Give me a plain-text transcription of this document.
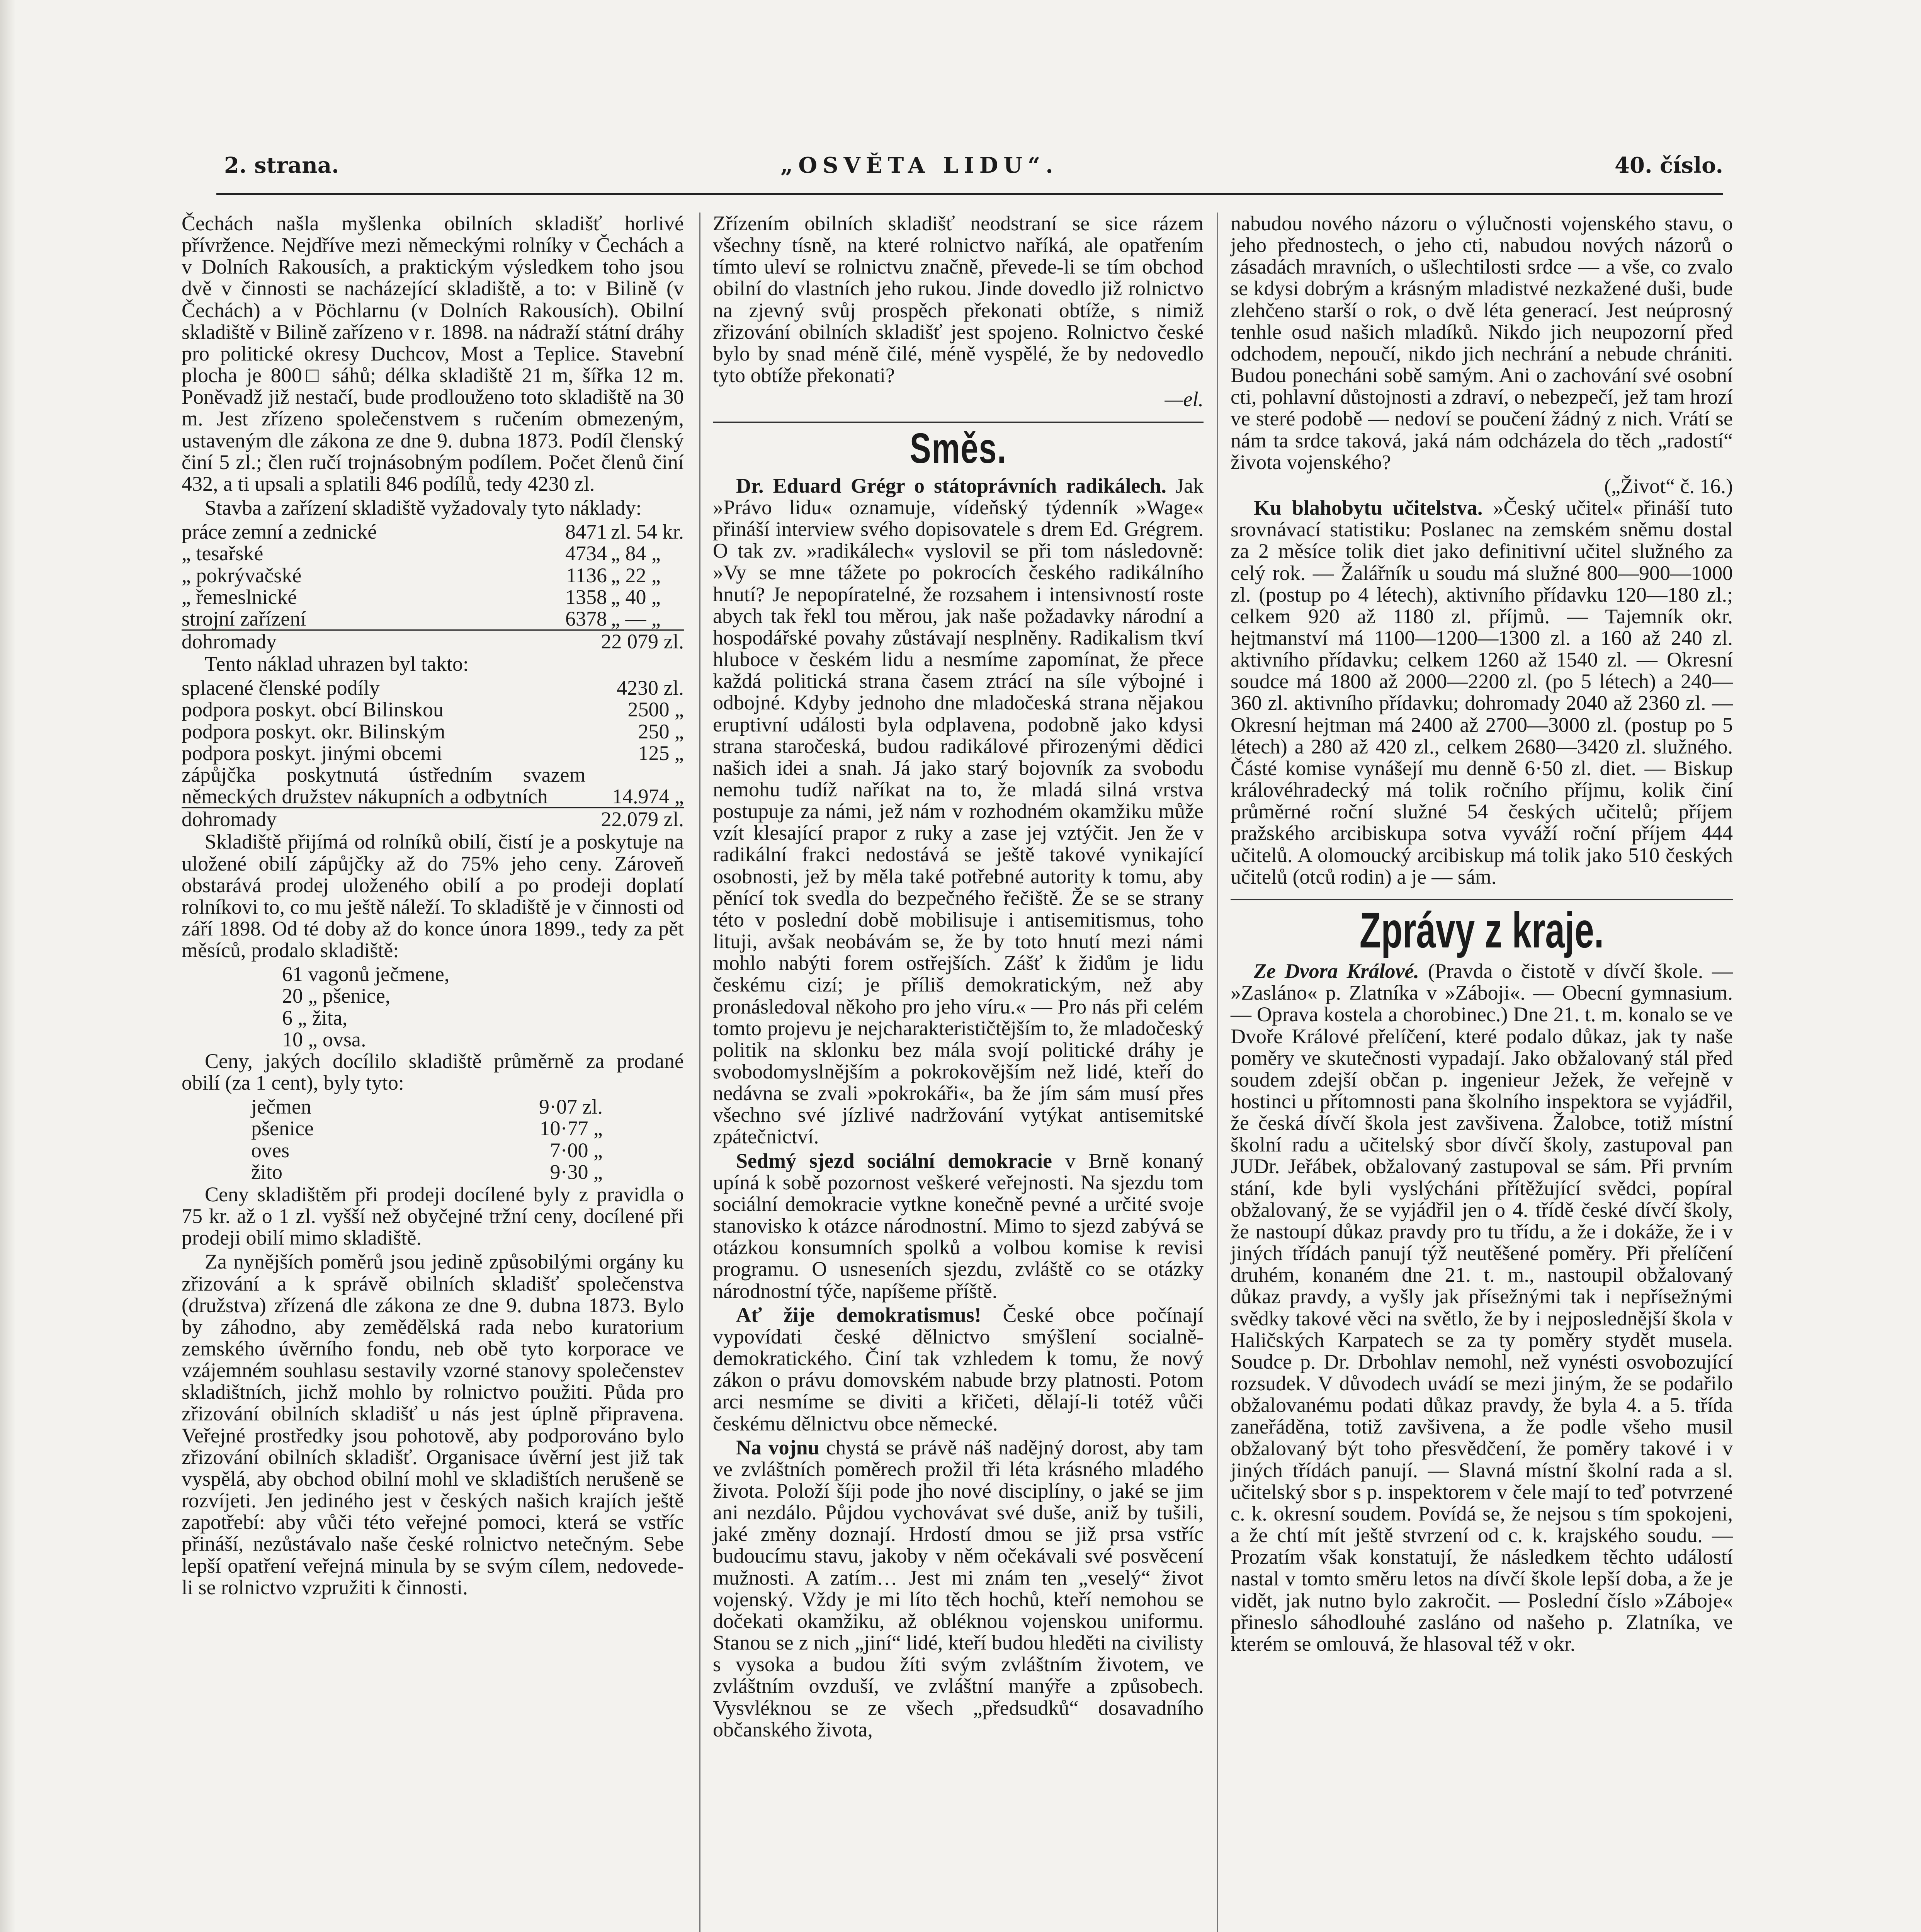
2. strana.	„OSVĚTA LIDU“.	40. číslo.

Čechách našla myšlenka obilních skladišť horlivé přívržence. Nejdříve mezi německými rolníky v Čechách a v Dolních Rakousích, a praktickým výsledkem toho jsou dvě v činnosti se nacházející skladiště, a to: v Bilině (v Čechách) a v Pöchlarnu (v Dolních Rakousích). Obilní skladiště v Bilině zařízeno v r. 1898. na nádraží státní dráhy pro politické okresy Duchcov, Most a Teplice. Stavební plocha je 800□ sáhů; délka skladiště 21 m, šířka 12 m. Poněvadž již nestačí, bude prodlouženo toto skladiště na 30 m. Jest zřízeno společenstvem s ručením obmezeným, ustaveným dle zákona ze dne 9. dubna 1873. Podíl členský činí 5 zl.; člen ručí trojnásobným podílem. Počet členů činí 432, a ti upsali a splatili 846 podílů, tedy 4230 zl.

Stavba a zařízení skladiště vyžadovaly tyto náklady:

práce zemní a zednické	8471	zl. 54 kr.
„ tesařské	4734	„ 84 „
„ pokrývačské	1136	„ 22 „
„ řemeslnické	1358	„ 40 „
strojní zařízení	6378	„ — „
dohromady	22 079 zl.	

Tento náklad uhrazen byl takto:

splacené členské podíly	4230 zl.
podpora poskyt. obcí Bilinskou	2500 „
podpora poskyt. okr. Bilinským	250 „
podpora poskyt. jinými obcemi	125 „
zápůjčka poskytnutá ústředním svazem německých družstev nákupních a odbytních	14.974 „
dohromady	22.079 zl.

Skladiště přijímá od rolníků obilí, čistí je a poskytuje na uložené obilí zápůjčky až do 75% jeho ceny. Zároveň obstarává prodej uloženého obilí a po prodeji doplatí rolníkovi to, co mu ještě náleží. To skladiště je v činnosti od září 1898. Od té doby až do konce února 1899., tedy za pět měsíců, prodalo skladiště:

61 vagonů ječmene,
20 „ pšenice,
6 „ žita,
10 „ ovsa.

Ceny, jakých docílilo skladiště průměrně za prodané obilí (za 1 cent), byly tyto:

ječmen	9·07 zl.
pšenice	10·77 „
oves	7·00 „
žito	9·30 „

Ceny skladištěm při prodeji docílené byly z pravidla o 75 kr. až o 1 zl. vyšší než obyčejné tržní ceny, docílené při prodeji obilí mimo skladiště.

Za nynějších poměrů jsou jedině způsobilými orgány ku zřizování a k správě obilních skladišť společenstva (družstva) zřízená dle zákona ze dne 9. dubna 1873. Bylo by záhodno, aby zemědělská rada nebo kuratorium zemského úvěrního fondu, neb obě tyto korporace ve vzájemném souhlasu sestavily vzorné stanovy společenstev skladištních, jichž mohlo by rolnictvo použiti. Půda pro zřizování obilních skladišť u nás jest úplně připravena. Veřejné prostředky jsou pohotově, aby podporováno bylo zřizování obilních skladišť. Organisace úvěrní jest již tak vyspělá, aby obchod obilní mohl ve skladištích nerušeně se rozvíjeti. Jen jediného jest v českých našich krajích ještě zapotřebí: aby vůči této veřejné pomoci, která se vstříc přináší, nezůstávalo naše české rolnictvo netečným. Sebe lepší opatření veřejná minula by se svým cílem, nedovede-li se rolnictvo vzpružiti k činnosti.

Zřízením obilních skladišť neodstraní se sice rázem všechny tísně, na které rolnictvo naříká, ale opatřením tímto uleví se rolnictvu značně, převede-li se tím obchod obilní do vlastních jeho rukou. Jinde dovedlo již rolnictvo na zjevný svůj prospěch překonati obtíže, s nimiž zřizování obilních skladišť jest spojeno. Rolnictvo české bylo by snad méně čilé, méně vyspělé, že by nedovedlo tyto obtíže překonati?

—el.
Směs.

Dr. Eduard Grégr o státoprávních radikálech. Jak »Právo lidu« oznamuje, vídeňský týdenník »Wage« přináší interview svého dopisovatele s drem Ed. Grégrem. O tak zv. »radikálech« vyslovil se při tom následovně: »Vy se mne tážete po pokrocích českého radikálního hnutí? Je nepopíratelné, že rozsahem i intensivností roste abych tak řekl tou měrou, jak naše požadavky národní a hospodářské povahy zůstávají nesplněny. Radikalism tkví hluboce v českém lidu a nesmíme zapomínat, že přece každá politická strana časem ztrácí na síle výbojné i odbojné. Kdyby jednoho dne mladočeská strana nějakou eruptivní události byla odplavena, podobně jako kdysi strana staročeská, budou radikálové přirozenými dědici našich idei a snah. Já jako starý bojovník za svobodu nemohu tudíž naříkat na to, že mladá silná vrstva postupuje za námi, jež nám v rozhodném okamžiku může vzít klesající prapor z ruky a zase jej vztýčit. Jen že v radikální frakci nedostává se ještě takové vynikající osobnosti, jež by měla také potřebné autority k tomu, aby pěnící tok svedla do bezpečného řečiště. Že se se strany této v poslední době mobilisuje i antisemitismus, toho lituji, avšak neobávám se, že by toto hnutí mezi námi mohlo nabýti forem ostřejších. Zášť k židům je lidu českému cizí; je příliš demokratickým, než aby pronásledoval někoho pro jeho víru.« — Pro nás při celém tomto projevu je nejcharakterističtějším to, že mladočeský politik na sklonku bez mála svojí politické dráhy je svobodomyslnějším a pokrokovějším než lidé, kteří do nedávna se zvali »pokrokáři«, ba že jím sám musí přes všechno své jízlivé nadržování vytýkat antisemitské zpátečnictví.

Sedmý sjezd sociální demokracie v Brně konaný upíná k sobě pozornost veškeré veřejnosti. Na sjezdu tom sociální demokracie vytkne konečně pevné a určité svoje stanovisko k otázce národnostní. Mimo to sjezd zabývá se otázkou konsumních spolků a volbou komise k revisi programu. O usneseních sjezdu, zvláště co se otázky národnostní týče, napíšeme příště.

Ať žije demokratismus! České obce počínají vypovídati české dělnictvo smýšlení socialně-demokratického. Činí tak vzhledem k tomu, že nový zákon o právu domovském nabude brzy platnosti. Potom arci nesmíme se diviti a křičeti, dělají-li totéž vůči českému dělnictvu obce německé.

Na vojnu chystá se právě náš nadějný dorost, aby tam ve zvláštních poměrech prožil tři léta krásného mladého života. Položí šíji pode jho nové disciplíny, o jaké se jim ani nezdálo. Půjdou vychovávat své duše, aniž by tušili, jaké změny doznají. Hrdostí dmou se již prsa vstříc budoucímu stavu, jakoby v něm očekávali své posvěcení mužnosti. A zatím… Jest mi znám ten „veselý“ život vojenský. Vždy je mi líto těch hochů, kteří nemohou se dočekati okamžiku, až obléknou vojenskou uniformu. Stanou se z nich „jiní“ lidé, kteří budou hleděti na civilisty s vysoka a budou žíti svým zvláštním životem, ve zvláštním ovzduší, ve zvláštní manýře a způsobech. Vysvléknou se ze všech „předsudků“ dosavadního občanského života,

nabudou nového názoru o výlučnosti vojenského stavu, o jeho přednostech, o jeho cti, nabudou nových názorů o zásadách mravních, o ušlechtilosti srdce — a vše, co zvalo se kdysi dobrým a krásným mladistvé nezkažené duši, bude zlehčeno starší o rok, o dvě léta generací. Jest neúprosný tenhle osud našich mladíků. Nikdo jich neupozorní před odchodem, nepoučí, nikdo jich nechrání a nebude chrániti. Budou ponecháni sobě samým. Ani o zachování své osobní cti, pohlavní důstojnosti a zdraví, o nebezpečí, jež tam hrozí ve steré podobě — nedoví se poučení žádný z nich. Vrátí se nám ta srdce taková, jaká nám odcházela do těch „radostí“ života vojenského?

(„Život“ č. 16.)

Ku blahobytu učitelstva. »Český učitel« přináší tuto srovnávací statistiku: Poslanec na zemském sněmu dostal za 2 měsíce tolik diet jako definitivní učitel služného za celý rok. — Žalářník u soudu má služné 800—900—1000 zl. (postup po 4 létech), aktivního přídavku 120—180 zl.; celkem 920 až 1180 zl. příjmů. — Tajemník okr. hejtmanství má 1100—1200—1300 zl. a 160 až 240 zl. aktivního přídavku; celkem 1260 až 1540 zl. — Okresní soudce má 1800 až 2000—2200 zl. (po 5 létech) a 240—360 zl. aktivního přídavku; dohromady 2040 až 2360 zl. — Okresní hejtman má 2400 až 2700—3000 zl. (postup po 5 létech) a 280 až 420 zl., celkem 2680—3420 zl. služného. Částé komise vynášejí mu denně 6·50 zl. diet. — Biskup královéhradecký má tolik ročního příjmu, kolik činí průměrné roční služné 54 českých učitelů; příjem pražského arcibiskupa sotva vyváží roční příjem 444 učitelů. A olomoucký arcibiskup má tolik jako 510 českých učitelů (otců rodin) a je — sám.

Zprávy z kraje.

Ze Dvora Králové. (Pravda o čistotě v dívčí škole. — »Zasláno« p. Zlatníka v »Záboji«. — Obecní gymnasium. — Oprava kostela a chorobinec.) Dne 21. t. m. konalo se ve Dvoře Králové přelíčení, které podalo důkaz, jak ty naše poměry ve skutečnosti vypadají. Jako obžalovaný stál před soudem zdejší občan p. ingenieur Ježek, že veřejně v hostinci u přítomnosti pana školního inspektora se vyjádřil, že česká dívčí škola jest zavšivena. Žalobce, totiž místní školní radu a učitelský sbor dívčí školy, zastupoval pan JUDr. Jeřábek, obžalovaný zastupoval se sám. Při prvním stání, kde byli vyslýcháni přítěžující svědci, popíral obžalovaný, že se vyjádřil jen o 4. třídě české dívčí školy, že nastoupí důkaz pravdy pro tu třídu, a že i dokáže, že i v jiných třídách panují týž neutěšené poměry. Při přelíčení druhém, konaném dne 21. t. m., nastoupil obžalovaný důkaz pravdy, a vyšly jak přísežnými tak i nepřísežnými svědky takové věci na světlo, že by i nejposlednější škola v Haličských Karpatech se za ty poměry stydět musela. Soudce p. Dr. Drbohlav nemohl, než vynésti osvobozující rozsudek. V důvodech uvádí se mezi jiným, že se podařilo obžalovanému podati důkaz pravdy, že byla 4. a 5. třída zaneřáděna, totiž zavšivena, a že podle všeho musil obžalovaný být toho přesvědčení, že poměry takové i v jiných třídách panují. — Slavná místní školní rada a sl. učitelský sbor s p. inspektorem v čele mají to teď potvrzené c. k. okresní soudem. Povídá se, že nejsou s tím spokojeni, a že chtí mít ještě stvrzení od c. k. krajského soudu. — Prozatím však konstatují, že následkem těchto událostí nastal v tomto směru letos na dívčí škole lepší doba, a že je vidět, jak nutno bylo zakročit. — Poslední číslo »Záboje« přineslo sáhodlouhé zasláno od našeho p. Zlatníka, ve kterém se omlouvá, že hlasoval též v okr.
